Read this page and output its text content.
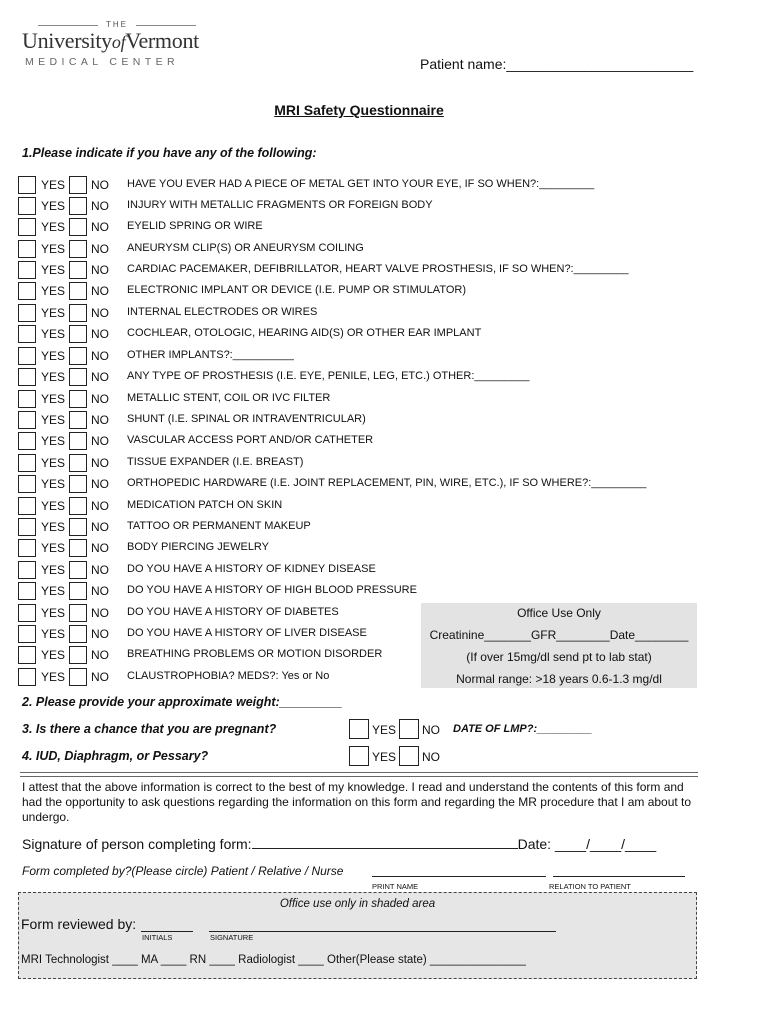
THE
UniversityofVermont
MEDICAL CENTER	Patient name:________________________
MRI Safety Questionnaire
1.Please indicate if you have any of the following:
YES NO HAVE YOU EVER HAD A PIECE OF METAL GET INTO YOUR EYE, IF SO WHEN?:_________
YES NO INJURY WITH METALLIC FRAGMENTS OR FOREIGN BODY
YES NO EYELID SPRING OR WIRE
YES NO ANEURYSM CLIP(S) OR ANEURYSM COILING
YES NO CARDIAC PACEMAKER, DEFIBRILLATOR, HEART VALVE PROSTHESIS, IF SO WHEN?:_________
YES NO ELECTRONIC IMPLANT OR DEVICE (I.E. PUMP OR STIMULATOR)
YES NO INTERNAL ELECTRODES OR WIRES
YES NO COCHLEAR, OTOLOGIC, HEARING AID(S) OR OTHER EAR IMPLANT
YES NO OTHER IMPLANTS?:__________
YES NO ANY TYPE OF PROSTHESIS (I.E. EYE, PENILE, LEG, ETC.) OTHER:_________
YES NO METALLIC STENT, COIL OR IVC FILTER
YES NO SHUNT (I.E. SPINAL OR INTRAVENTRICULAR)
YES NO VASCULAR ACCESS PORT AND/OR CATHETER
YES NO TISSUE EXPANDER (I.E. BREAST)
YES NO ORTHOPEDIC HARDWARE (I.E. JOINT REPLACEMENT, PIN, WIRE, ETC.), IF SO WHERE?:_________
YES NO MEDICATION PATCH ON SKIN
YES NO TATTOO OR PERMANENT MAKEUP
YES NO BODY PIERCING JEWELRY
YES NO DO YOU HAVE A HISTORY OF KIDNEY DISEASE
YES NO DO YOU HAVE A HISTORY OF HIGH BLOOD PRESSURE
YES NO DO YOU HAVE A HISTORY OF DIABETES
YES NO DO YOU HAVE A HISTORY OF LIVER DISEASE
YES NO BREATHING PROBLEMS OR MOTION DISORDER
YES NO CLAUSTROPHOBIA? MEDS?: Yes or No
Office Use Only
Creatinine_______GFR________Date________
(If over 15mg/dl send pt to lab stat)
Normal range: >18 years 0.6-1.3 mg/dl
2. Please provide your approximate weight:_________
3. Is there a chance that you are pregnant?	YES NO DATE OF LMP?:_________
4. IUD, Diaphragm, or Pessary?	YES NO
I attest that the above information is correct to the best of my knowledge. I read and understand the contents of this form and had the opportunity to ask questions regarding the information on this form and regarding the MR procedure that I am about to undergo.
Signature of person completing form:	Date: ____/____/____
Form completed by?(Please circle) Patient / Relative / Nurse
PRINT NAME	RELATION TO PATIENT
Office use only in shaded area
Form reviewed by:
INITIALS	SIGNATURE
MRI Technologist ____ MA ____ RN ____ Radiologist ____ Other(Please state) _______________
